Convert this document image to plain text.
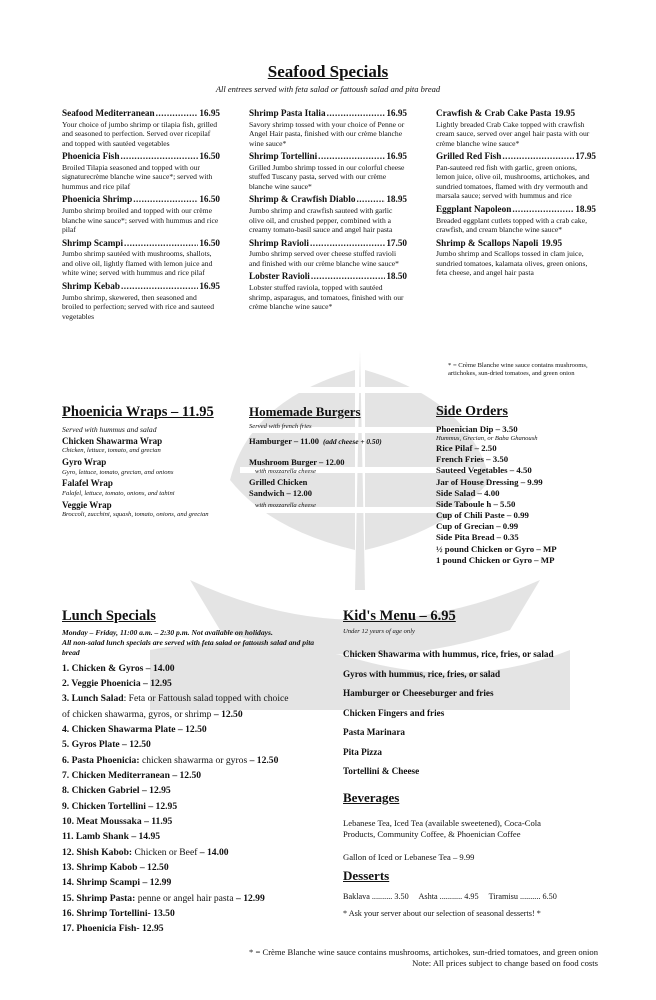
Seafood Specials
All entrees served with feta salad or fattoush salad and pita bread
Seafood Mediterranean .....	16.95
Your choice of jumbo shrimp or tilapia fish, grilled and seasoned to perfection. Served over ricepilaf and topped with sautéed vegetables
Phoenicia Fish .....	16.50
Broiled Tilapia seasoned and topped with our signaturecrème blanche wine sauce*; served with hummus and rice pilaf
Phoenicia Shrimp .....	16.50
Jumbo shrimp broiled and topped with our crème blanche wine sauce*; served with hummus and rice pilaf
Shrimp Scampi .....	16.50
Jumbo shrimp sautéed with mushrooms, shallots, and olive oil, lightly flamed with lemon juice and white wine; served with hummus and rice pilaf
Shrimp Kebab .....	16.95
Jumbo shrimp, skewered, then seasoned and broiled to perfection; served with rice and sauteed vegetables
Shrimp Pasta Italia .....	16.95
Savory shrimp tossed with your choice of Penne or Angel Hair pasta, finished with our crème blanche wine sauce*
Shrimp Tortellini .....	16.95
Grilled Jumbo shrimp tossed in our colorful cheese stuffed Tuscany pasta, served with our crème blanche wine sauce*
Shrimp & Crawfish Diablo .....	18.95
Jumbo shrimp and crawfish sauteed with garlic olive oil, and crushed pepper, combined with a creamy tomato-basil sauce and angel hair pasta
Shrimp Ravioli .....	17.50
Jumbo shrimp served over cheese stuffed ravioli and finished with our crème blanche wine sauce*
Lobster Ravioli .....	18.50
Lobster stuffed raviola, topped with sautéed shrimp, asparagus, and tomatoes, finished with our crème blanche wine sauce*
Crawfish & Crab Cake Pasta 19.95
Lightly breaded Crab Cake topped with crawfish cream sauce, served over angel hair pasta with our crème blanche wine sauce*
Grilled Red Fish .....	17.95
Pan-sauteed red fish with garlic, green onions, lemon juice, olive oil, mushrooms, artichokes, and sundried tomatoes, flamed with dry vermouth and marsala sauce; served with hummus and rice
Eggplant Napoleon .....	18.95
Breaded eggplant cutlets topped with a crab cake, crawfish, and cream blanche wine sauce*
Shrimp & Scallops Napoli 19.95
Jumbo shrimp and Scallops tossed in clam juice, sundried tomatoes, kalamata olives, green onions, feta cheese, and angel hair pasta
* = Crème Blanche wine sauce contains mushrooms, artichokes, sun-dried tomatoes, and green onion
Phoenicia Wraps – 11.95
Served with hummus and salad
Chicken Shawarma Wrap
Chicken, lettuce, tomato, and grecian
Gyro Wrap
Gyro, lettuce, tomato, grecian, and onions
Falafel Wrap
Falafel, lettuce, tomato, onions, and tahini
Veggie Wrap
Broccoli, zucchini, squash, tomato, onions, and grecian
Homemade Burgers
Served with french fries
Hamburger – 11.00 (add cheese + 0.50)
Mushroom Burger – 12.00
with mozzarella cheese
Grilled Chicken
Sandwich – 12.00
with mozzarella cheese
Side Orders
Phoenician Dip – 3.50
Hummus, Grecian, or Baba Ghanoush
Rice Pilaf – 2.50
French Fries – 3.50
Sauteed Vegetables – 4.50
Jar of House Dressing – 9.99
Side Salad – 4.00
Side Taboule h – 5.50
Cup of Chili Paste – 0.99
Cup of Grecian – 0.99
Side Pita Bread – 0.35
½ pound Chicken or Gyro – MP
1 pound Chicken or Gyro – MP
Lunch Specials
Monday – Friday, 11:00 a.m. – 2:30 p.m. Not available on holidays.
All non-salad lunch specials are served with feta salad or fattoush salad and pita bread
1. Chicken & Gyros – 14.00
2. Veggie Phoenicia – 12.95
3. Lunch Salad: Feta or Fattoush salad topped with choice
of chicken shawarma, gyros, or shrimp – 12.50
4. Chicken Shawarma Plate – 12.50
5. Gyros Plate – 12.50
6. Pasta Phoenicia: chicken shawarma or gyros – 12.50
7. Chicken Mediterranean – 12.50
8. Chicken Gabriel – 12.95
9. Chicken Tortellini – 12.95
10. Meat Moussaka – 11.95
11. Lamb Shank – 14.95
12. Shish Kabob: Chicken or Beef – 14.00
13. Shrimp Kabob – 12.50
14. Shrimp Scampi – 12.99
15. Shrimp Pasta: penne or angel hair pasta – 12.99
16. Shrimp Tortellini- 13.50
17. Phoenicia Fish- 12.95
Kid's Menu – 6.95
Under 12 years of age only
Chicken Shawarma with hummus, rice, fries, or salad
Gyros with hummus, rice, fries, or salad
Hamburger or Cheeseburger and fries
Chicken Fingers and fries
Pasta Marinara
Pita Pizza
Tortellini & Cheese
Beverages
Lebanese Tea, Iced Tea (available sweetened), Coca-Cola
Products, Community Coffee, & Phoenician Coffee
Gallon of Iced or Lebanese Tea – 9.99
Desserts
Baklava .......... 3.50 Ashta ........... 4.95 Tiramisu .......... 6.50
* Ask your server about our selection of seasonal desserts! *
* = Crème Blanche wine sauce contains mushrooms, artichokes, sun-dried tomatoes, and green onion
Note: All prices subject to change based on food costs
